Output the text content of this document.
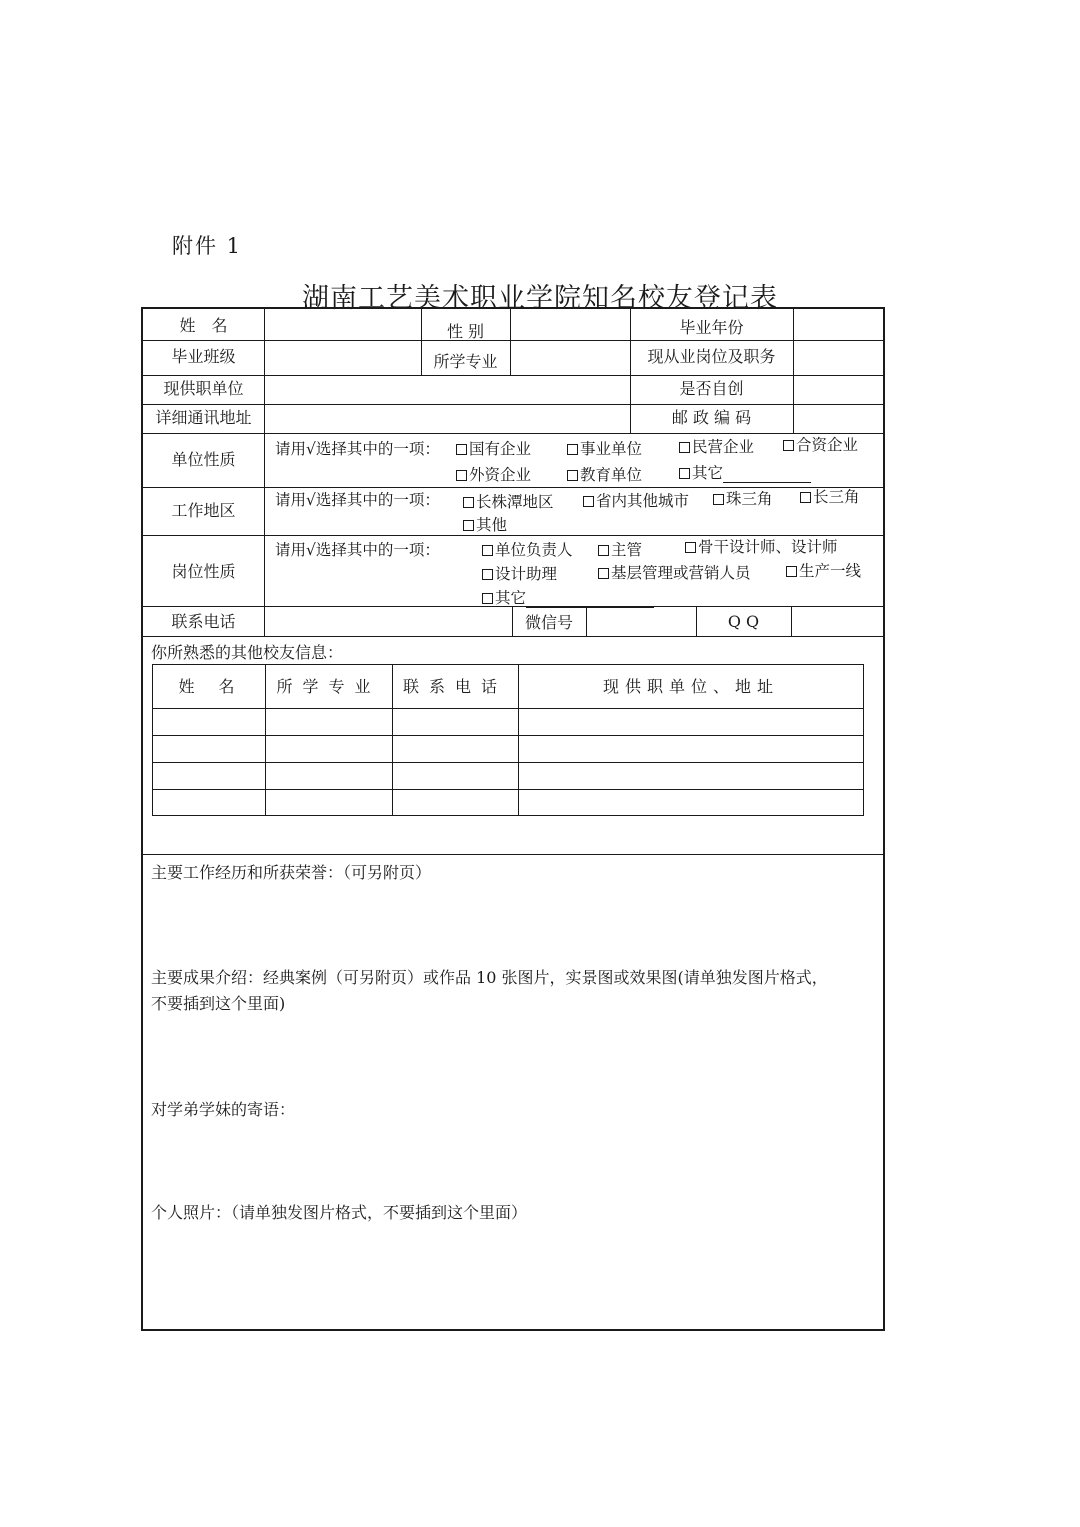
附件 1
湖南工艺美术职业学院知名校友登记表
姓　名	性 别	毕业年份
毕业班级	所学专业	现从业岗位及职务
现供职单位	是否自创
详细通讯地址	邮 政 编 码
单位性质
请用√选择其中的一项：	国有企业	事业单位	民营企业	合资企业
外资企业	教育单位	其它
工作地区
请用√选择其中的一项：	长株潭地区	省内其他城市	珠三角	长三角
其他
岗位性质
请用√选择其中的一项：	单位负责人	主管	骨干设计师、设计师
设计助理	基层管理或营销人员	生产一线
其它
联系电话	微信号	Q Q
你所熟悉的其他校友信息：
姓　名	所学专业	联系电话	现供职单位、地址
主要工作经历和所获荣誉：（可另附页）
主要成果介绍：经典案例（可另附页）或作品 10 张图片，实景图或效果图(请单独发图片格式，
不要插到这个里面)
对学弟学妹的寄语：
个人照片：（请单独发图片格式，不要插到这个里面）
